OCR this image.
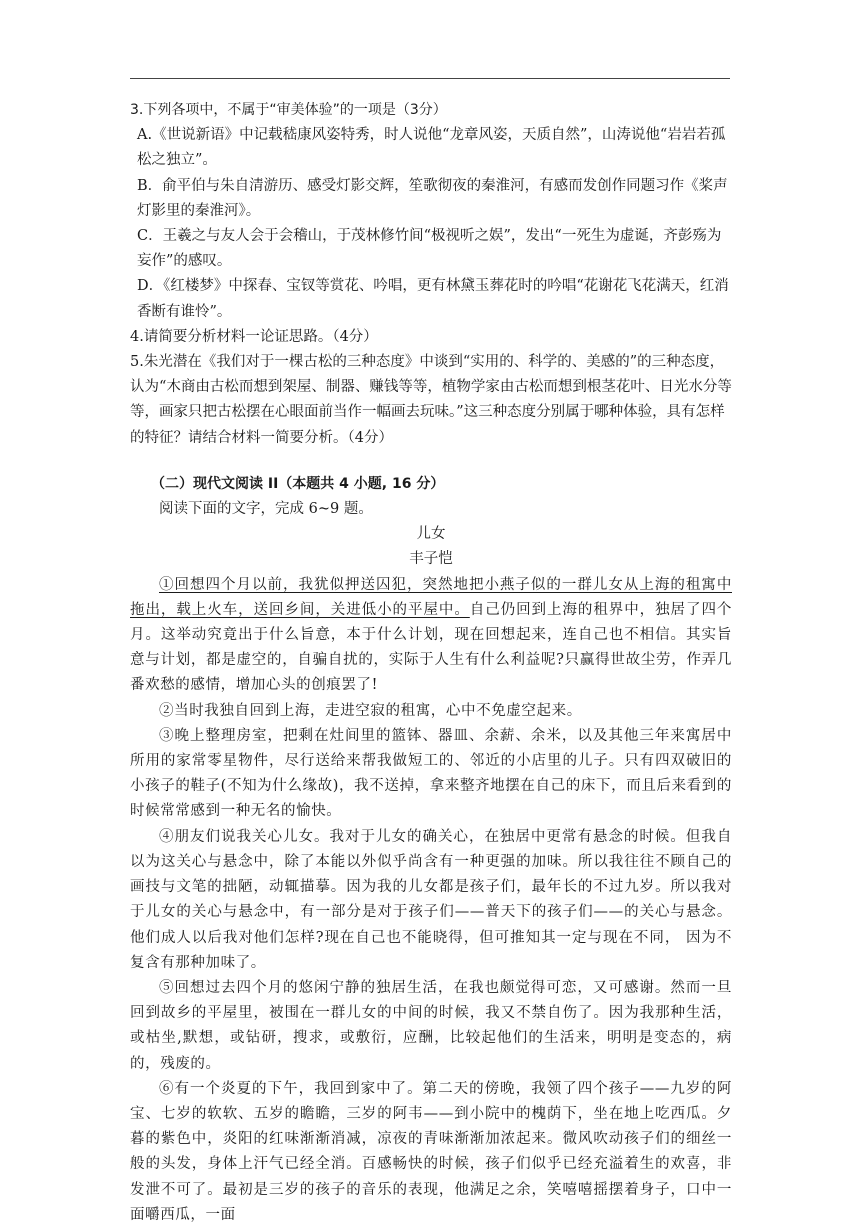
3.下列各项中，不属于“审美体验”的一项是（3分）

A.《世说新语》中记载嵇康风姿特秀，时人说他“龙章风姿，天质自然”，山涛说他“岩岩若孤松之独立”。

B．俞平伯与朱自清游历、感受灯影交辉，笙歌彻夜的秦淮河，有感而发创作同题习作《桨声灯影里的秦淮河》。

C．王羲之与友人会于会稽山，于茂林修竹间“极视听之娱”，发出“一死生为虚诞，齐彭殇为妄作”的感叹。

D．《红楼梦》中探春、宝钗等赏花、吟唱，更有林黛玉葬花时的吟唱“花谢花飞花满天，红消香断有谁怜”。

4.请简要分析材料一论证思路。（4分）

5.朱光潜在《我们对于一棵古松的三种态度》中谈到“实用的、科学的、美感的”的三种态度，认为“木商由古松而想到架屋、制器、赚钱等等，植物学家由古松而想到根茎花叶、日光水分等等，画家只把古松摆在心眼面前当作一幅画去玩味。”这三种态度分别属于哪种体验，具有怎样的特征？请结合材料一简要分析。（4分）

（二）现代文阅读 II（本题共 4 小题, 16 分）

阅读下面的文字，完成 6~9 题。

儿女

丰子恺

①回想四个月以前，我犹似押送囚犯，突然地把小燕子似的一群儿女从上海的租寓中拖出，载上火车，送回乡间，关进低小的平屋中。自己仍回到上海的租界中，独居了四个月。这举动究竟出于什么旨意，本于什么计划，现在回想起来，连自己也不相信。其实旨意与计划，都是虚空的，自骗自扰的，实际于人生有什么利益呢?只赢得世故尘劳，作弄几番欢愁的感情，增加心头的创痕罢了!

②当时我独自回到上海，走进空寂的租寓，心中不免虚空起来。

③晚上整理房室，把剩在灶间里的篮钵、器皿、余薪、余米，以及其他三年来寓居中所用的家常零星物件，尽行送给来帮我做短工的、邻近的小店里的儿子。只有四双破旧的小孩子的鞋子(不知为什么缘故)，我不送掉，拿来整齐地摆在自己的床下，而且后来看到的时候常常感到一种无名的愉快。

④朋友们说我关心儿女。我对于儿女的确关心，在独居中更常有悬念的时候。但我自以为这关心与悬念中，除了本能以外似乎尚含有一种更强的加味。所以我往往不顾自己的画技与文笔的拙陋，动辄描摹。因为我的儿女都是孩子们，最年长的不过九岁。所以我对于儿女的关心与悬念中，有一部分是对于孩子们——普天下的孩子们——的关心与悬念。他们成人以后我对他们怎样?现在自己也不能晓得，但可推知其一定与现在不同， 因为不复含有那种加味了。

⑤回想过去四个月的悠闲宁静的独居生活，在我也颇觉得可恋，又可感谢。然而一旦回到故乡的平屋里，被围在一群儿女的中间的时候，我又不禁自伤了。因为我那种生活，或枯坐,默想，或钻研，搜求，或敷衍，应酬，比较起他们的生活来，明明是变态的，病的，残废的。

⑥有一个炎夏的下午，我回到家中了。第二天的傍晚，我领了四个孩子——九岁的阿宝、七岁的软软、五岁的瞻瞻，三岁的阿韦——到小院中的槐荫下，坐在地上吃西瓜。夕暮的紫色中，炎阳的红味渐渐消减，凉夜的青味渐渐加浓起来。微风吹动孩子们的细丝一般的头发，身体上汗气已经全消。百感畅快的时候，孩子们似乎已经充溢着生的欢喜，非发泄不可了。最初是三岁的孩子的音乐的表现，他满足之余，笑嘻嘻摇摆着身子，口中一面嚼西瓜，一面
